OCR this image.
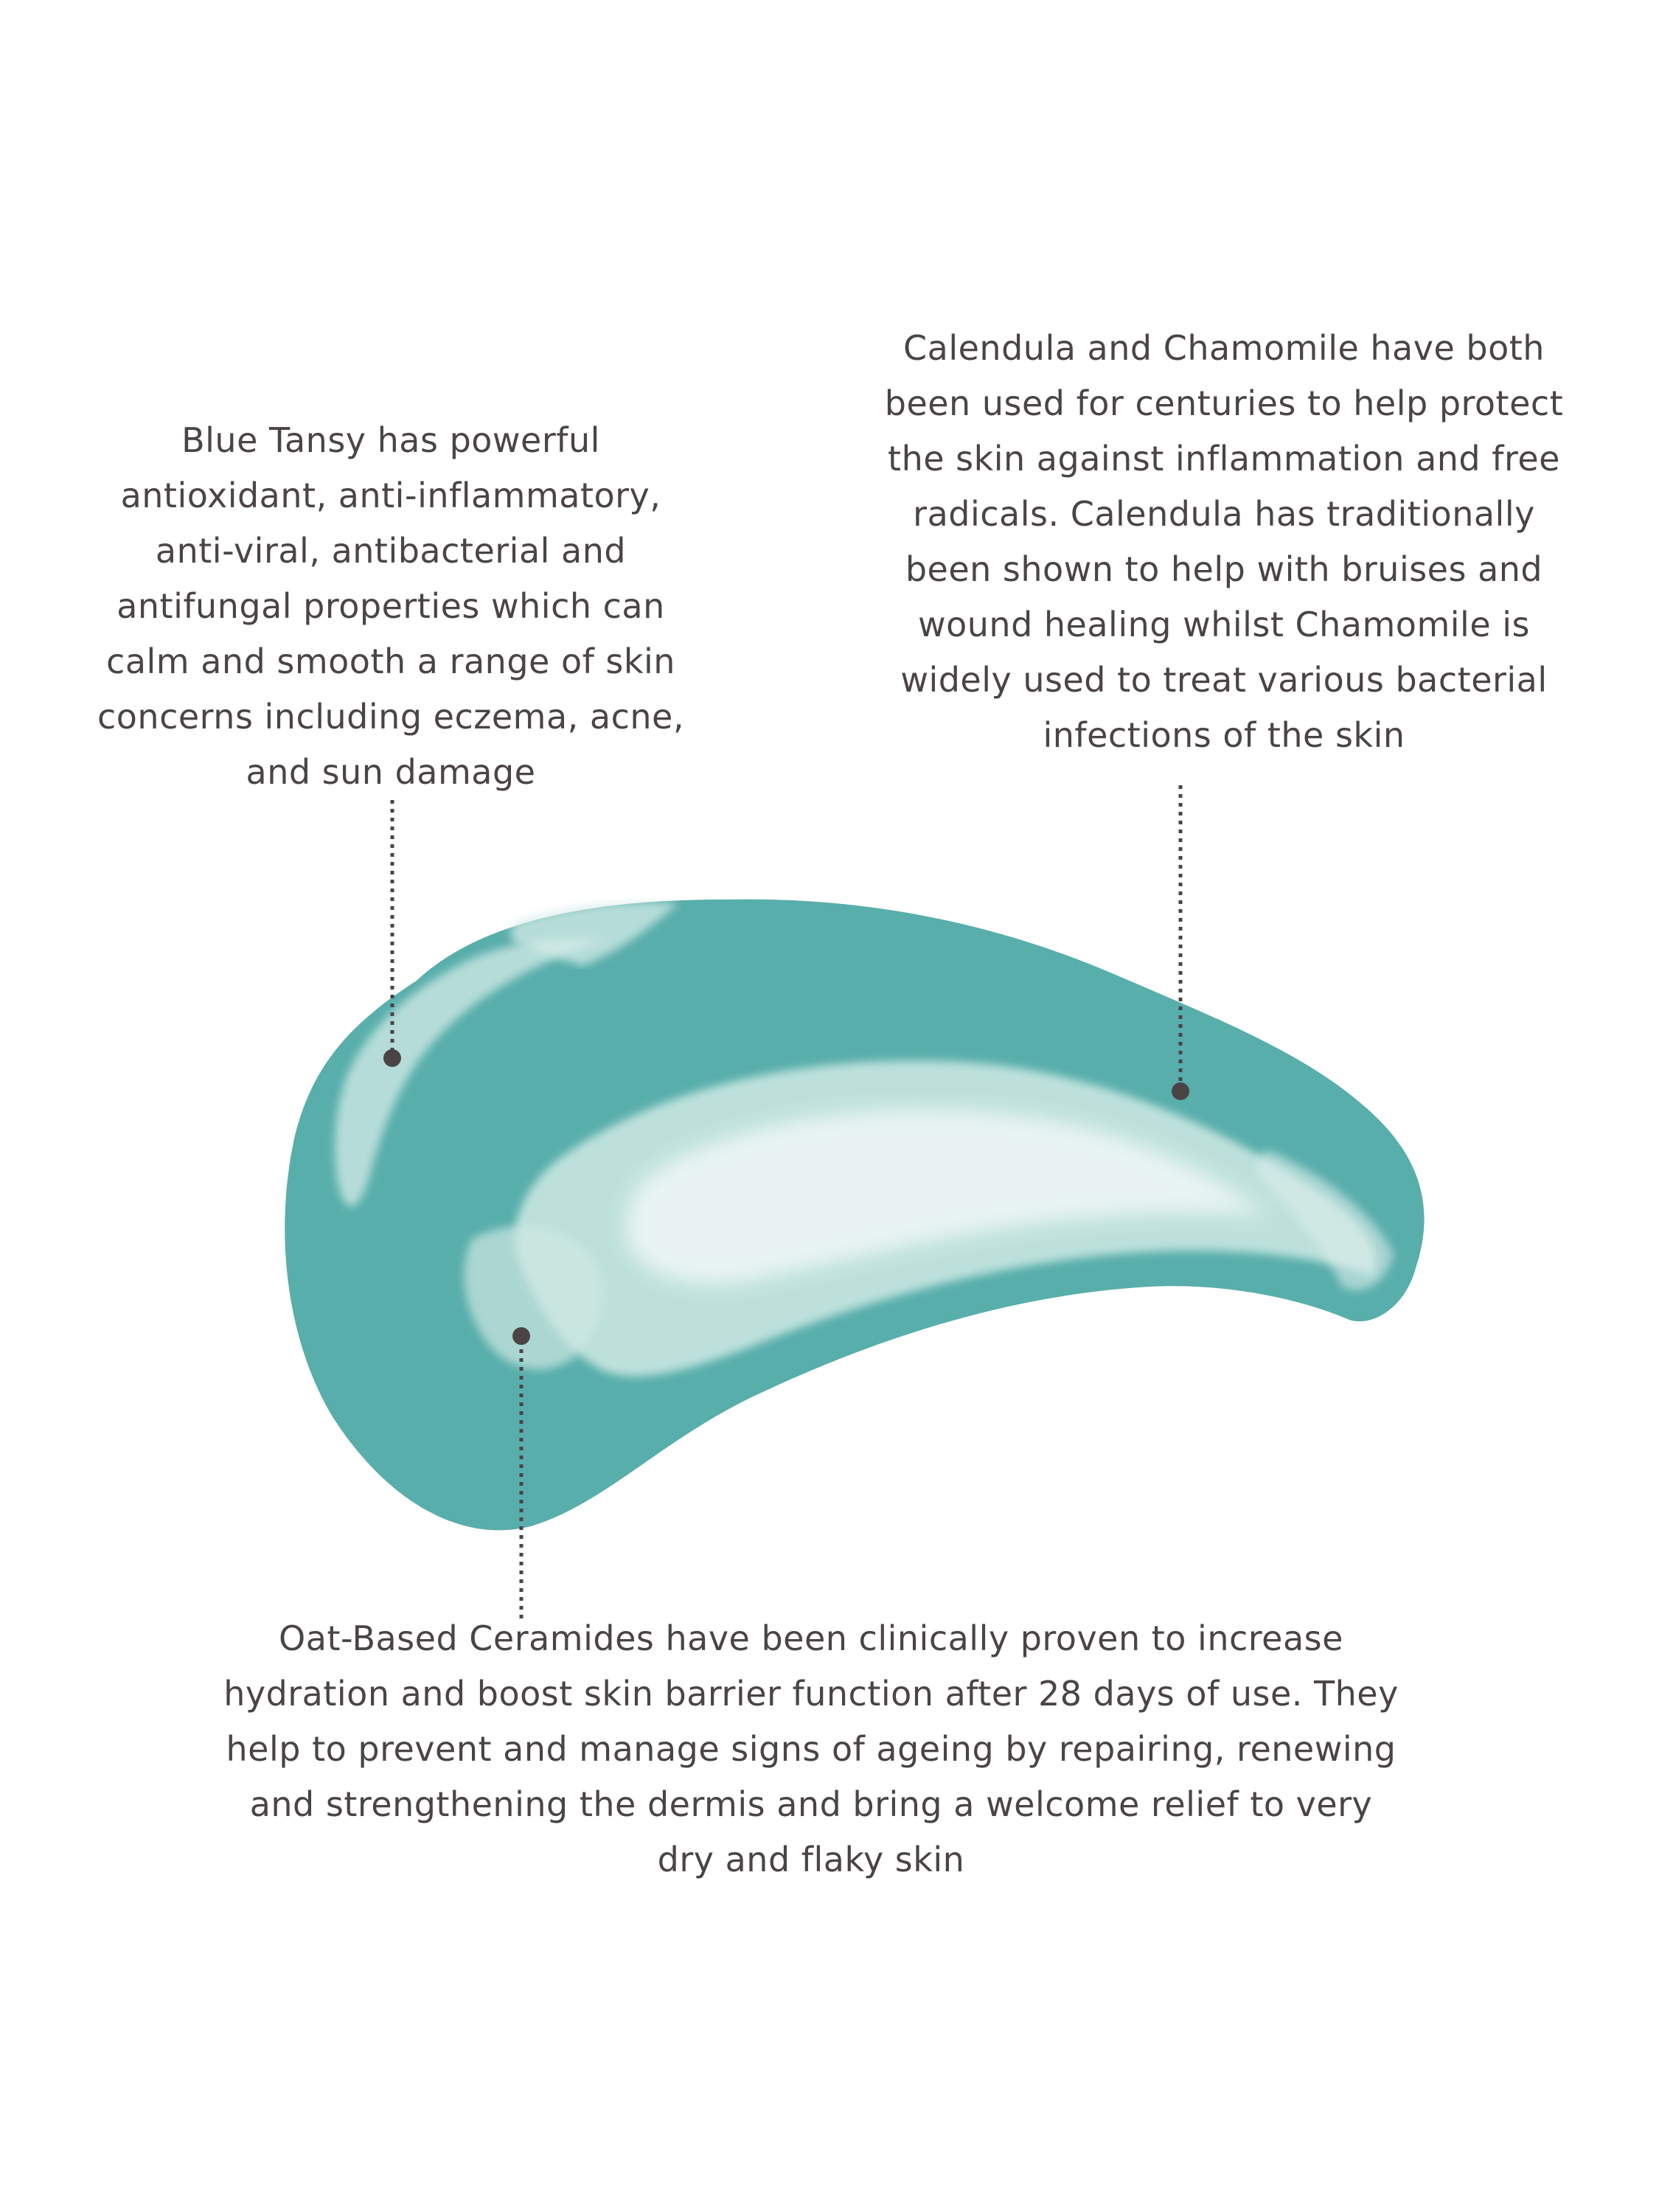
Blue Tansy has powerful
antioxidant, anti-inflammatory,
anti-viral, antibacterial and
antifungal properties which can
calm and smooth a range of skin
concerns including eczema, acne,
and sun damage

Calendula and Chamomile have both
been used for centuries to help protect
the skin against inflammation and free
radicals. Calendula has traditionally
been shown to help with bruises and
wound healing whilst Chamomile is
widely used to treat various bacterial
infections of the skin

Oat-Based Ceramides have been clinically proven to increase
hydration and boost skin barrier function after 28 days of use. They
help to prevent and manage signs of ageing by repairing, renewing
and strengthening the dermis and bring a welcome relief to very
dry and flaky skin
